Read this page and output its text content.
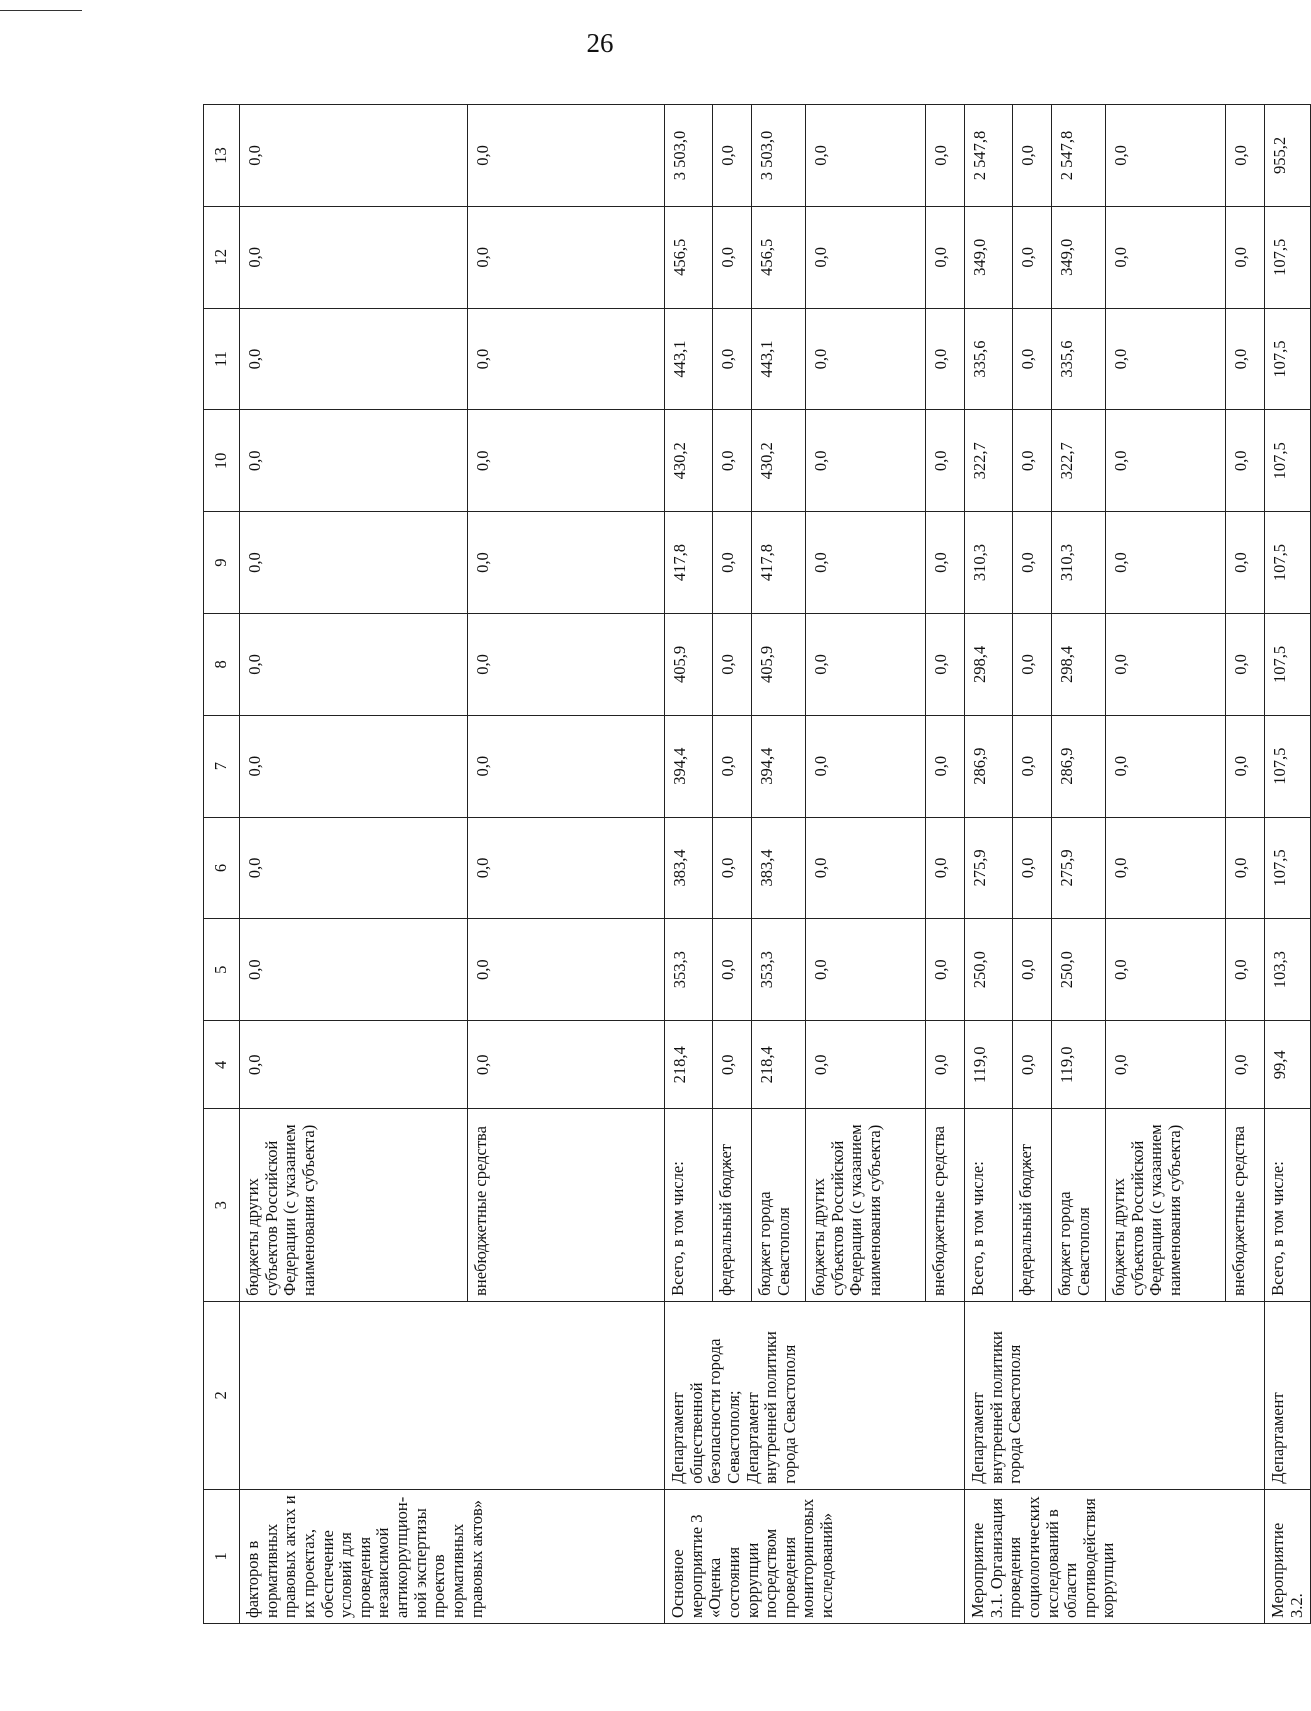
26
1	2	3	4	5	6	7	8	9	10	11	12	13
факторов в нормативных правовых актах и их проектах, обеспечение условий для проведения независимой антикоррупцион-ной экспертизы проектов нормативных правовых актов»		бюджеты других субъектов Российской Федерации (с указанием наименования субъекта)	0,0	0,0	0,0	0,0	0,0	0,0	0,0	0,0	0,0	0,0
		внебюджетные средства	0,0	0,0	0,0	0,0	0,0	0,0	0,0	0,0	0,0	0,0
Основное мероприятие 3 «Оценка состояния коррупции посредством проведения мониторинговых исследований»	Департамент общественной безопасности города Севастополя; Департамент внутренней политики города Севастополя	Всего, в том числе:	218,4	353,3	383,4	394,4	405,9	417,8	430,2	443,1	456,5	3 503,0
		федеральный бюджет	0,0	0,0	0,0	0,0	0,0	0,0	0,0	0,0	0,0	0,0
		бюджет города Севастополя	218,4	353,3	383,4	394,4	405,9	417,8	430,2	443,1	456,5	3 503,0
		бюджеты других субъектов Российской Федерации (с указанием наименования субъекта)	0,0	0,0	0,0	0,0	0,0	0,0	0,0	0,0	0,0	0,0
		внебюджетные средства	0,0	0,0	0,0	0,0	0,0	0,0	0,0	0,0	0,0	0,0
Мероприятие 3.1. Организация проведения социологических исследований в области противодействия коррупции	Департамент внутренней политики города Севастополя	Всего, в том числе:	119,0	250,0	275,9	286,9	298,4	310,3	322,7	335,6	349,0	2 547,8
		федеральный бюджет	0,0	0,0	0,0	0,0	0,0	0,0	0,0	0,0	0,0	0,0
		бюджет города Севастополя	119,0	250,0	275,9	286,9	298,4	310,3	322,7	335,6	349,0	2 547,8
		бюджеты других субъектов Российской Федерации (с указанием наименования субъекта)	0,0	0,0	0,0	0,0	0,0	0,0	0,0	0,0	0,0	0,0
		внебюджетные средства	0,0	0,0	0,0	0,0	0,0	0,0	0,0	0,0	0,0	0,0
Мероприятие 3.2.	Департамент	Всего, в том числе:	99,4	103,3	107,5	107,5	107,5	107,5	107,5	107,5	107,5	955,2
